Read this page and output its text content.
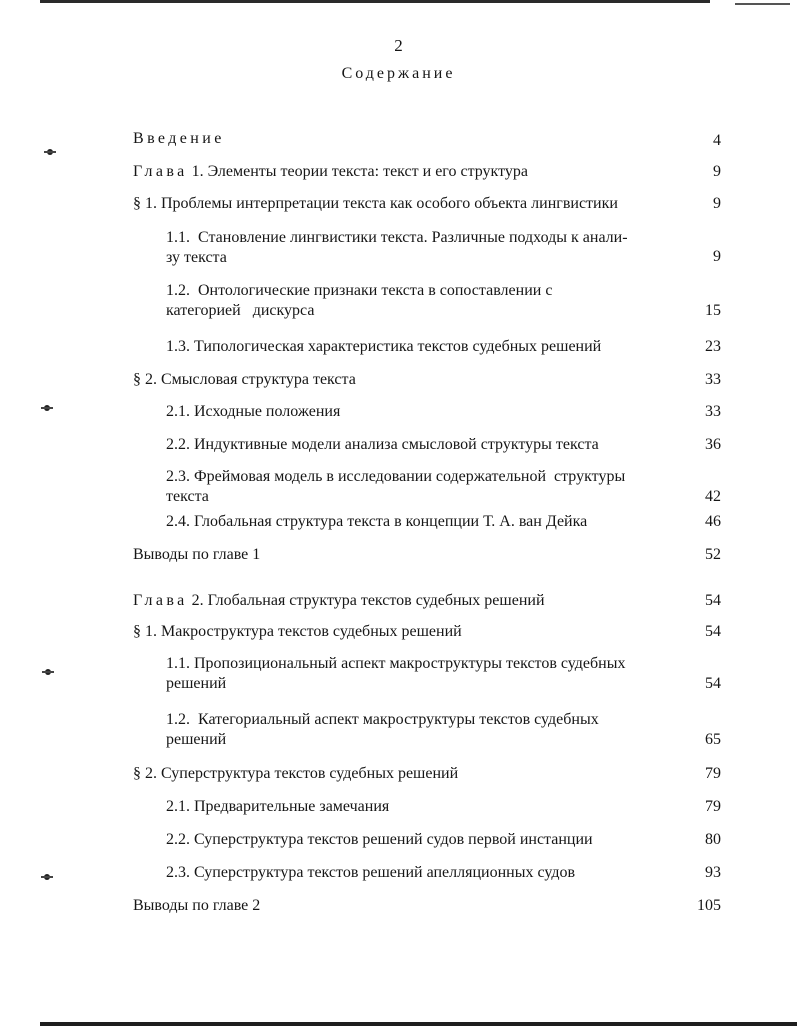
2
Содержание
Введение	4
Глава 1. Элементы теории текста: текст и его структура	9
§ 1. Проблемы интерпретации текста как особого объекта лингвистики	9
1.1.  Становление лингвистики текста. Различные подходы к анали-
зу текста	9
1.2.  Онтологические признаки текста в сопоставлении с
категорией   дискурса	15
1.3. Типологическая характеристика текстов судебных решений	23
§ 2. Смысловая структура текста	33
2.1. Исходные положения	33
2.2. Индуктивные модели анализа смысловой структуры текста	36
2.3. Фреймовая модель в исследовании содержательной  структуры
текста	42
2.4. Глобальная структура текста в концепции Т. А. ван Дейка	46
Выводы по главе 1	52
Глава 2. Глобальная структура текстов судебных решений	54
§ 1. Макроструктура текстов судебных решений	54
1.1. Пропозициональный аспект макроструктуры текстов судебных
решений	54
1.2.  Категориальный аспект макроструктуры текстов судебных
решений	65
§ 2. Суперструктура текстов судебных решений	79
2.1. Предварительные замечания	79
2.2. Суперструктура текстов решений судов первой инстанции	80
2.3. Суперструктура текстов решений апелляционных судов	93
Выводы по главе 2	105
